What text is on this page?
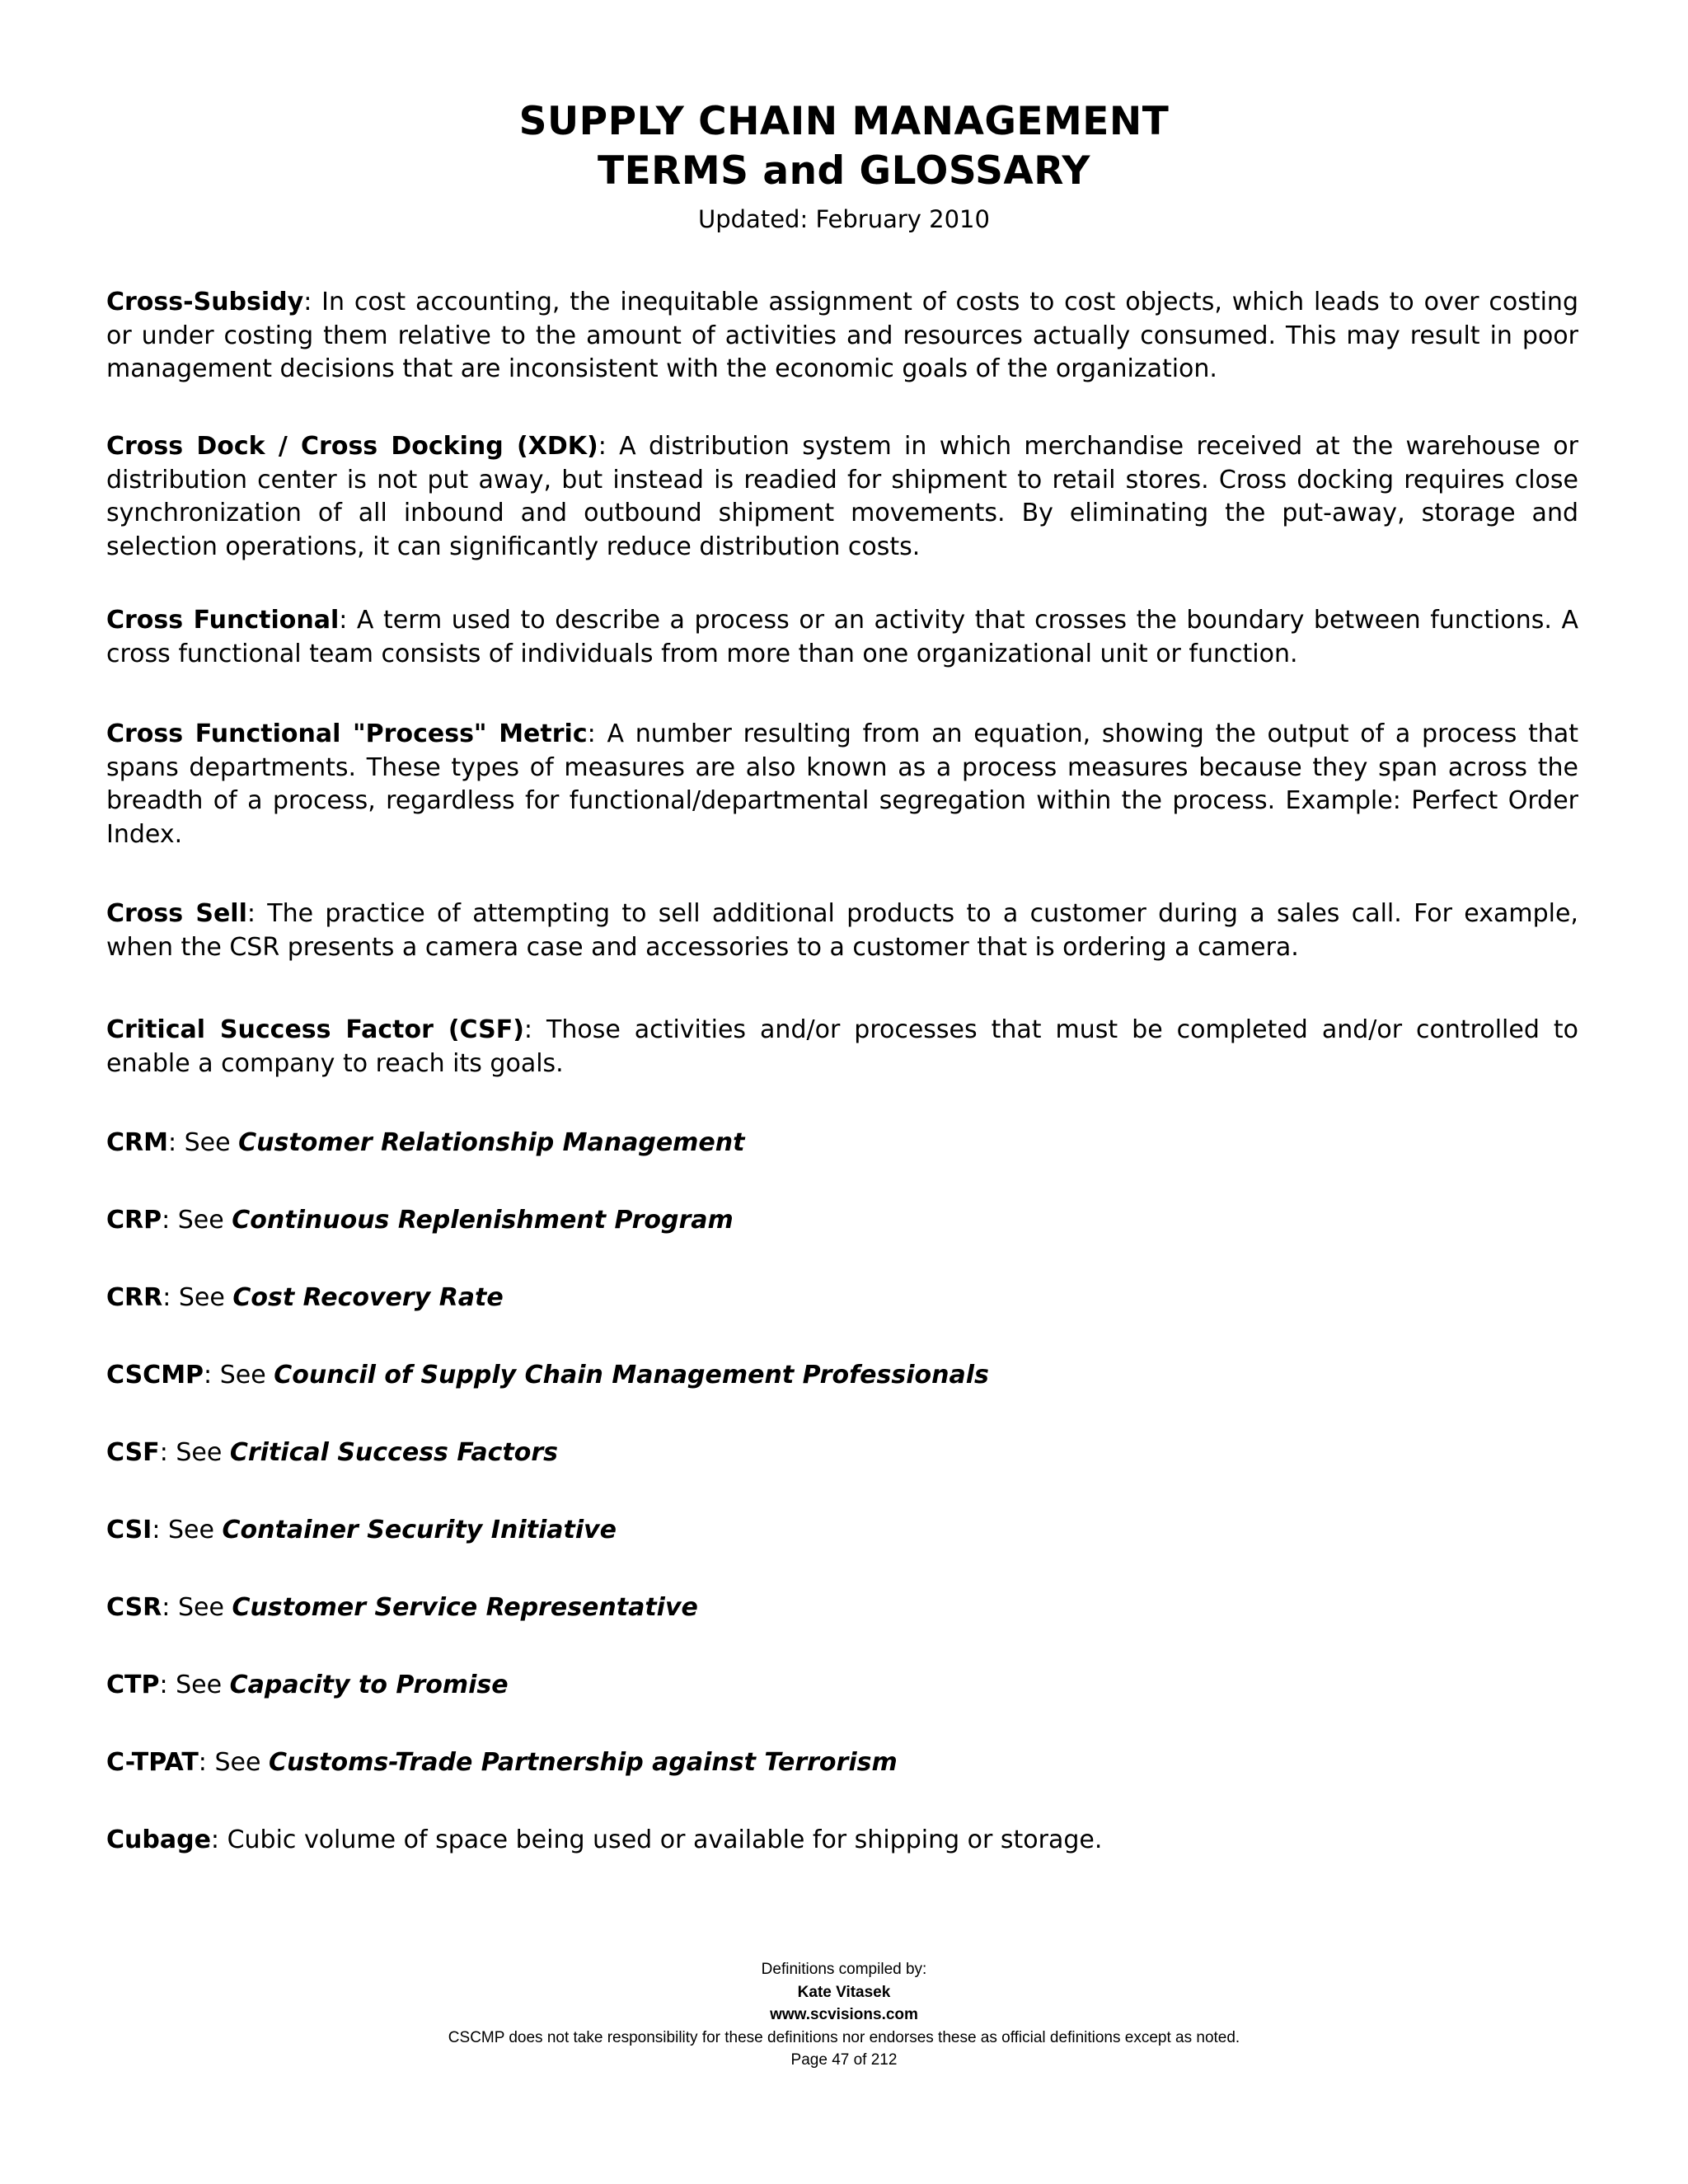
SUPPLY CHAIN MANAGEMENT
TERMS and GLOSSARY
Updated: February 2010

Cross-Subsidy: In cost accounting, the inequitable assignment of costs to cost objects, which leads to over costing or under costing them relative to the amount of activities and resources actually consumed. This may result in poor management decisions that are inconsistent with the economic goals of the organization.

Cross Dock / Cross Docking (XDK): A distribution system in which merchandise received at the warehouse or distribution center is not put away, but instead is readied for shipment to retail stores. Cross docking requires close synchronization of all inbound and outbound shipment movements. By eliminating the put-away, storage and selection operations, it can significantly reduce distribution costs.

Cross Functional: A term used to describe a process or an activity that crosses the boundary between functions. A cross functional team consists of individuals from more than one organizational unit or function.

Cross Functional "Process" Metric: A number resulting from an equation, showing the output of a process that spans departments. These types of measures are also known as a process measures because they span across the breadth of a process, regardless for functional/departmental segregation within the process. Example: Perfect Order Index.

Cross Sell: The practice of attempting to sell additional products to a customer during a sales call. For example, when the CSR presents a camera case and accessories to a customer that is ordering a camera.

Critical Success Factor (CSF): Those activities and/or processes that must be completed and/or controlled to enable a company to reach its goals.

CRM: See Customer Relationship Management

CRP: See Continuous Replenishment Program

CRR: See Cost Recovery Rate

CSCMP: See Council of Supply Chain Management Professionals

CSF: See Critical Success Factors

CSI: See Container Security Initiative

CSR: See Customer Service Representative

CTP: See Capacity to Promise

C-TPAT: See Customs-Trade Partnership against Terrorism

Cubage: Cubic volume of space being used or available for shipping or storage.

Definitions compiled by:
Kate Vitasek
www.scvisions.com
CSCMP does not take responsibility for these definitions nor endorses these as official definitions except as noted.
Page 47 of 212
